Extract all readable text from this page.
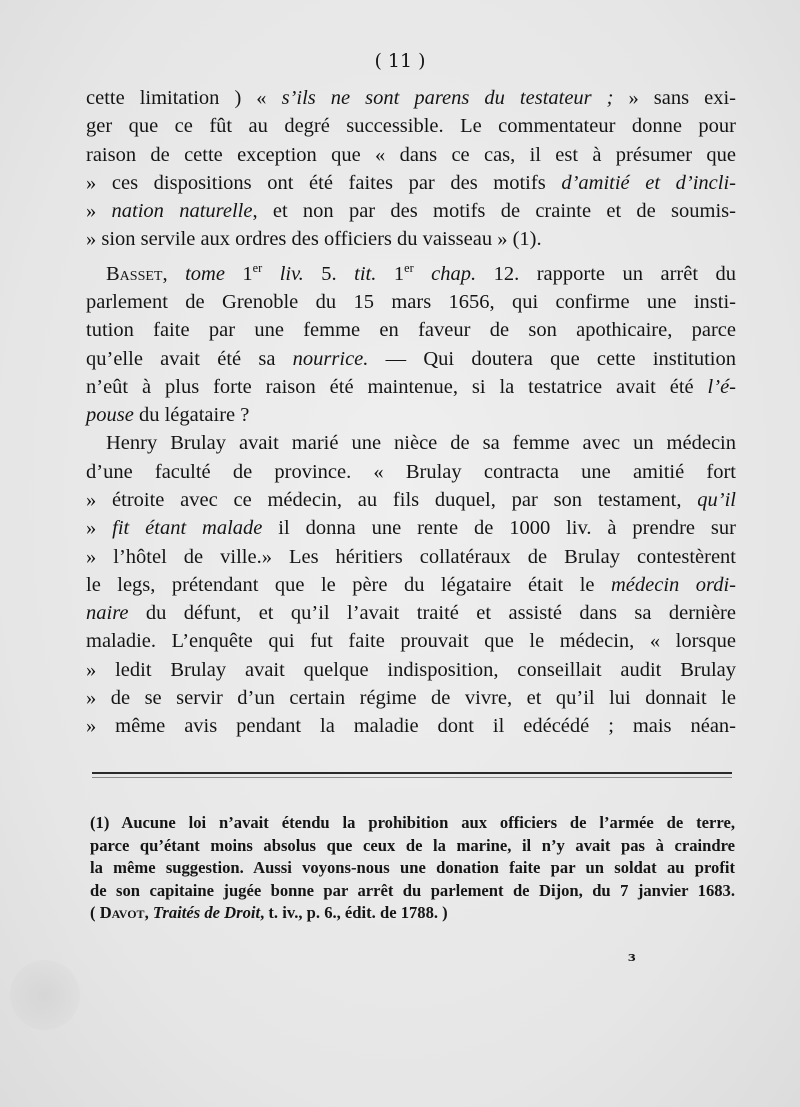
( 11 )
cette limitation ) « s’ils ne sont parens du testateur ; » sans exi-
ger que ce fût au degré successible. Le commentateur donne pour
raison de cette exception que « dans ce cas, il est à présumer que
» ces dispositions ont été faites par des motifs d’amitié et d’incli-
» nation naturelle, et non par des motifs de crainte et de soumis-
» sion servile aux ordres des officiers du vaisseau » (1).
Basset, tome 1er liv. 5. tit. 1er chap. 12. rapporte un arrêt du
parlement de Grenoble du 15 mars 1656, qui confirme une insti-
tution faite par une femme en faveur de son apothicaire, parce
qu’elle avait été sa nourrice. — Qui doutera que cette institution
n’eût à plus forte raison été maintenue, si la testatrice avait été l’é-
pouse du légataire ?
Henry Brulay avait marié une nièce de sa femme avec un médecin
d’une faculté de province. « Brulay contracta une amitié fort
» étroite avec ce médecin, au fils duquel, par son testament, qu’il
» fit étant malade il donna une rente de 1000 liv. à prendre sur
» l’hôtel de ville.» Les héritiers collatéraux de Brulay contestèrent
le legs, prétendant que le père du légataire était le médecin ordi-
naire du défunt, et qu’il l’avait traité et assisté dans sa dernière
maladie. L’enquête qui fut faite prouvait que le médecin, « lorsque
» ledit Brulay avait quelque indisposition, conseillait audit Brulay
» de se servir d’un certain régime de vivre, et qu’il lui donnait le
» même avis pendant la maladie dont il edécédé ; mais néan-
(1) Aucune loi n’avait étendu la prohibition aux officiers de l’armée de terre,
parce qu’étant moins absolus que ceux de la marine, il n’y avait pas à craindre
la même suggestion. Aussi voyons-nous une donation faite par un soldat au profit
de son capitaine jugée bonne par arrêt du parlement de Dijon, du 7 janvier 1683.
( Davot, Traités de Droit, t. iv., p. 6., édit. de 1788. )
ɜ
